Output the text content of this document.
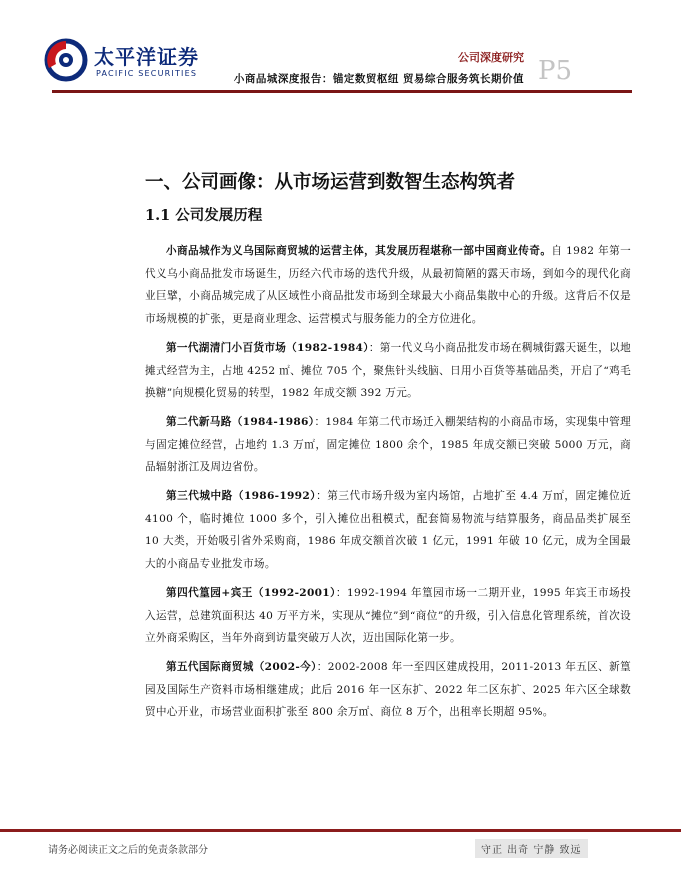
太平洋证券
PACIFIC SECURITIES
公司深度研究
小商品城深度报告：锚定数贸枢纽 贸易综合服务筑长期价值 P5
一、公司画像：从市场运营到数智生态构筑者
1.1 公司发展历程

小商品城作为义乌国际商贸城的运营主体，其发展历程堪称一部中国商业传奇。自 1982 年第一代义乌小商品批发市场诞生，历经六代市场的迭代升级，从最初简陋的露天市场，到如今的现代化商业巨擘，小商品城完成了从区域性小商品批发市场到全球最大小商品集散中心的升级。这背后不仅是市场规模的扩张，更是商业理念、运营模式与服务能力的全方位进化。

第一代湖清门小百货市场（1982-1984）：第一代义乌小商品批发市场在稠城街露天诞生，以地摊式经营为主，占地 4252 ㎡、摊位 705 个，聚焦针头线脑、日用小百货等基础品类，开启了“鸡毛换糖”向规模化贸易的转型，1982 年成交额 392 万元。

第二代新马路（1984-1986）：1984 年第二代市场迁入棚架结构的小商品市场，实现集中管理与固定摊位经营，占地约 1.3 万㎡，固定摊位 1800 余个，1985 年成交额已突破 5000 万元，商品辐射浙江及周边省份。

第三代城中路（1986-1992）：第三代市场升级为室内场馆，占地扩至 4.4 万㎡，固定摊位近 4100 个，临时摊位 1000 多个，引入摊位出租模式，配套简易物流与结算服务，商品品类扩展至 10 大类，开始吸引省外采购商，1986 年成交额首次破 1 亿元，1991 年破 10 亿元，成为全国最大的小商品专业批发市场。

第四代篁园+宾王（1992-2001）：1992-1994 年篁园市场一二期开业，1995 年宾王市场投入运营，总建筑面积达 40 万平方米，实现从“摊位”到“商位”的升级，引入信息化管理系统，首次设立外商采购区，当年外商到访量突破万人次，迈出国际化第一步。

第五代国际商贸城（2002-今）：2002-2008 年一至四区建成投用，2011-2013 年五区、新篁园及国际生产资料市场相继建成；此后 2016 年一区东扩、2022 年二区东扩、2025 年六区全球数贸中心开业，市场营业面积扩张至 800 余万㎡、商位 8 万个，出租率长期超 95%。

请务必阅读正文之后的免责条款部分	守正 出奇 宁静 致远
